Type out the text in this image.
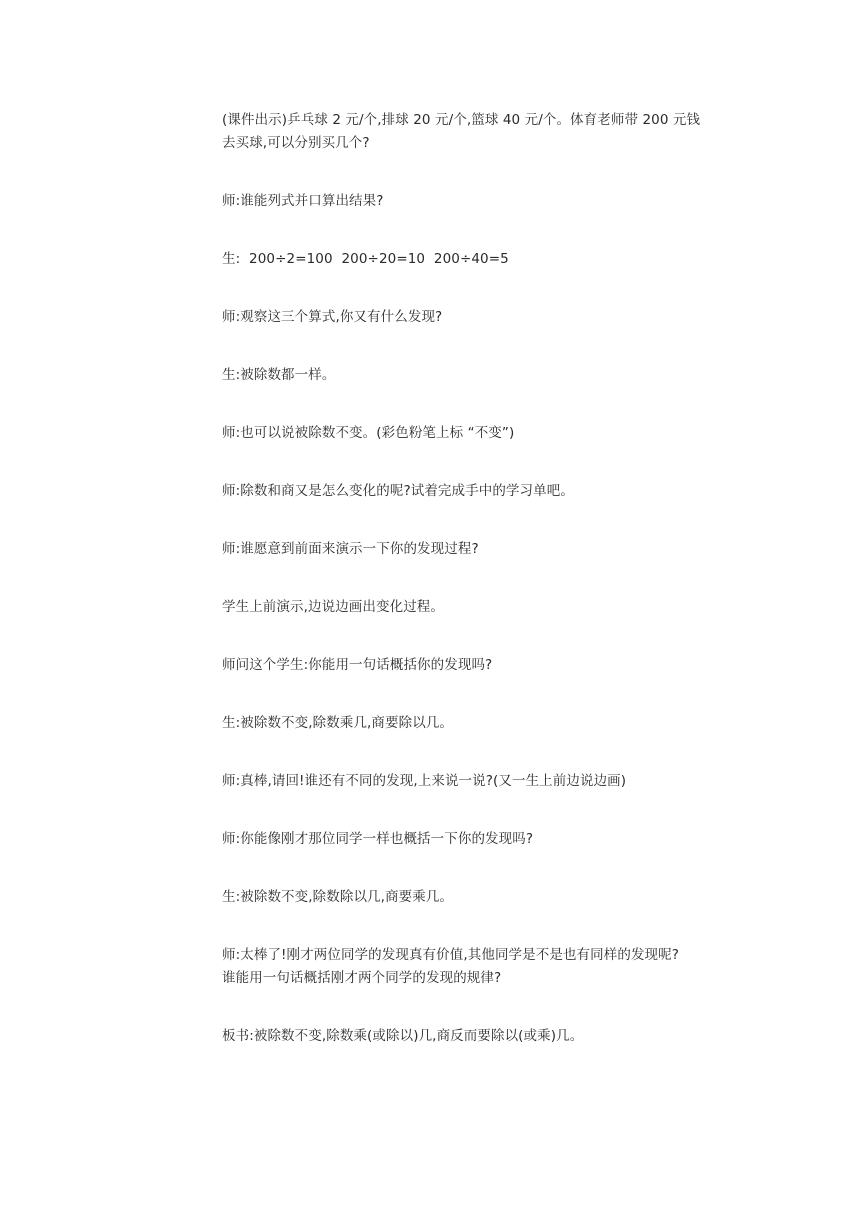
(课件出示)乒乓球 2 元/个,排球 20 元/个,篮球 40 元/个。体育老师带 200 元钱
去买球,可以分别买几个?

师:谁能列式并口算出结果?

生:  200÷2=100  200÷20=10  200÷40=5

师:观察这三个算式,你又有什么发现?

生:被除数都一样。

师:也可以说被除数不变。(彩色粉笔上标 “不变”)

师:除数和商又是怎么变化的呢?试着完成手中的学习单吧。

师:谁愿意到前面来演示一下你的发现过程?

学生上前演示,边说边画出变化过程。

师问这个学生:你能用一句话概括你的发现吗?

生:被除数不变,除数乘几,商要除以几。

师:真棒,请回!谁还有不同的发现,上来说一说?(又一生上前边说边画)

师:你能像刚才那位同学一样也概括一下你的发现吗?

生:被除数不变,除数除以几,商要乘几。

师:太棒了!刚才两位同学的发现真有价值,其他同学是不是也有同样的发现呢?
谁能用一句话概括刚才两个同学的发现的规律?

板书:被除数不变,除数乘(或除以)几,商反而要除以(或乘)几。
